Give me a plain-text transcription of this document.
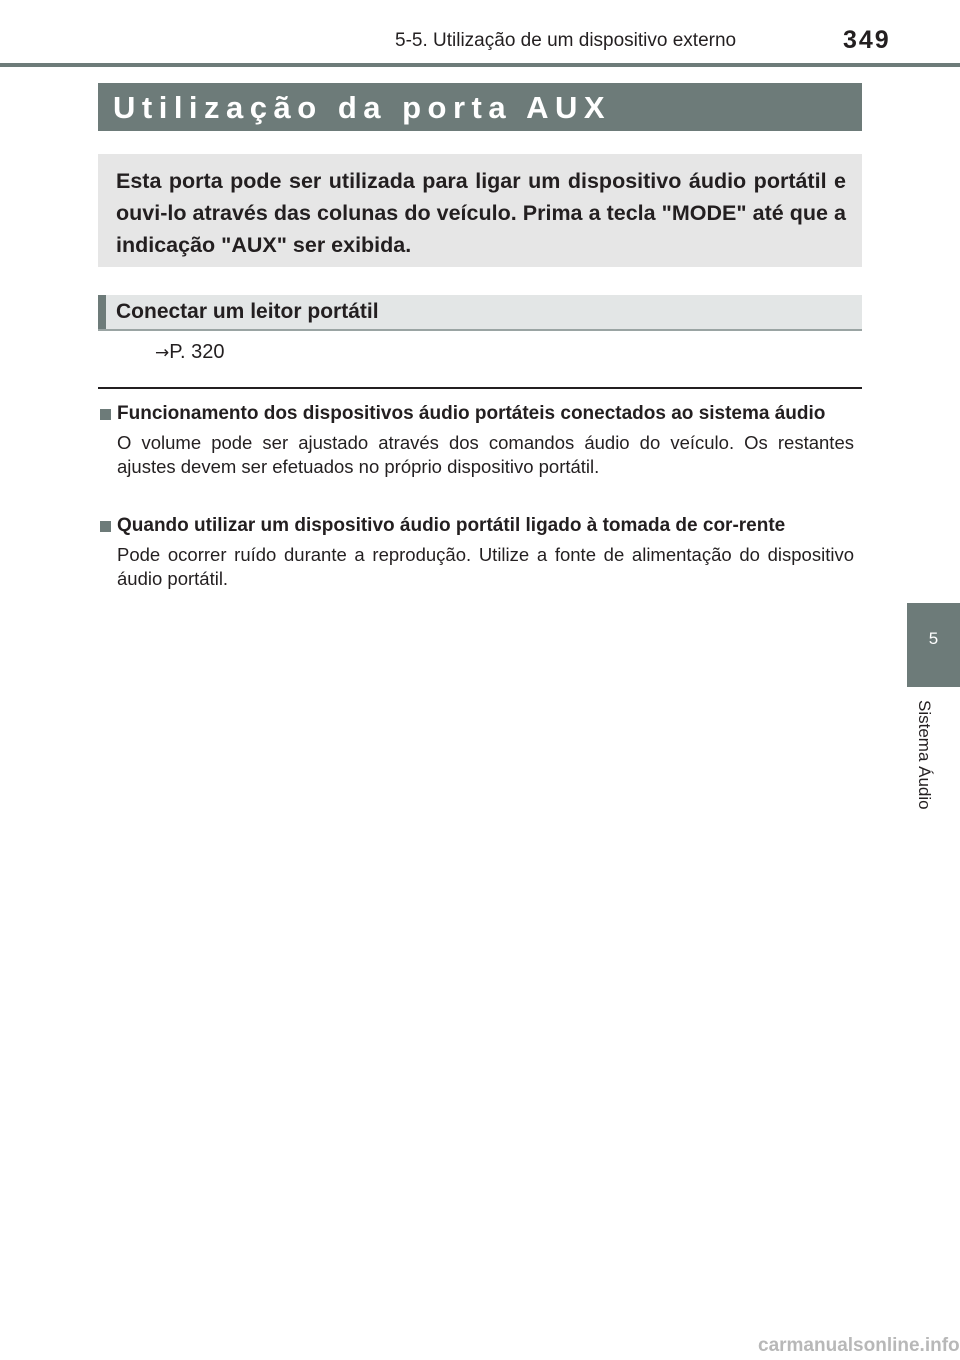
5-5. Utilização de um dispositivo externo	349
Utilização da porta AUX
Esta porta pode ser utilizada para ligar um dispositivo áudio portátil e ouvi-lo através das colunas do veículo. Prima a tecla "MODE" até que a indicação "AUX" ser exibida.
Conectar um leitor portátil
→P. 320
Funcionamento dos dispositivos áudio portáteis conectados ao sistema áudio
O volume pode ser ajustado através dos comandos áudio do veículo. Os restantes ajustes devem ser efetuados no próprio dispositivo portátil.
Quando utilizar um dispositivo áudio portátil ligado à tomada de cor-rente
Pode ocorrer ruído durante a reprodução. Utilize a fonte de alimentação do dispositivo áudio portátil.
5
Sistema Áudio
carmanualsonline.info
